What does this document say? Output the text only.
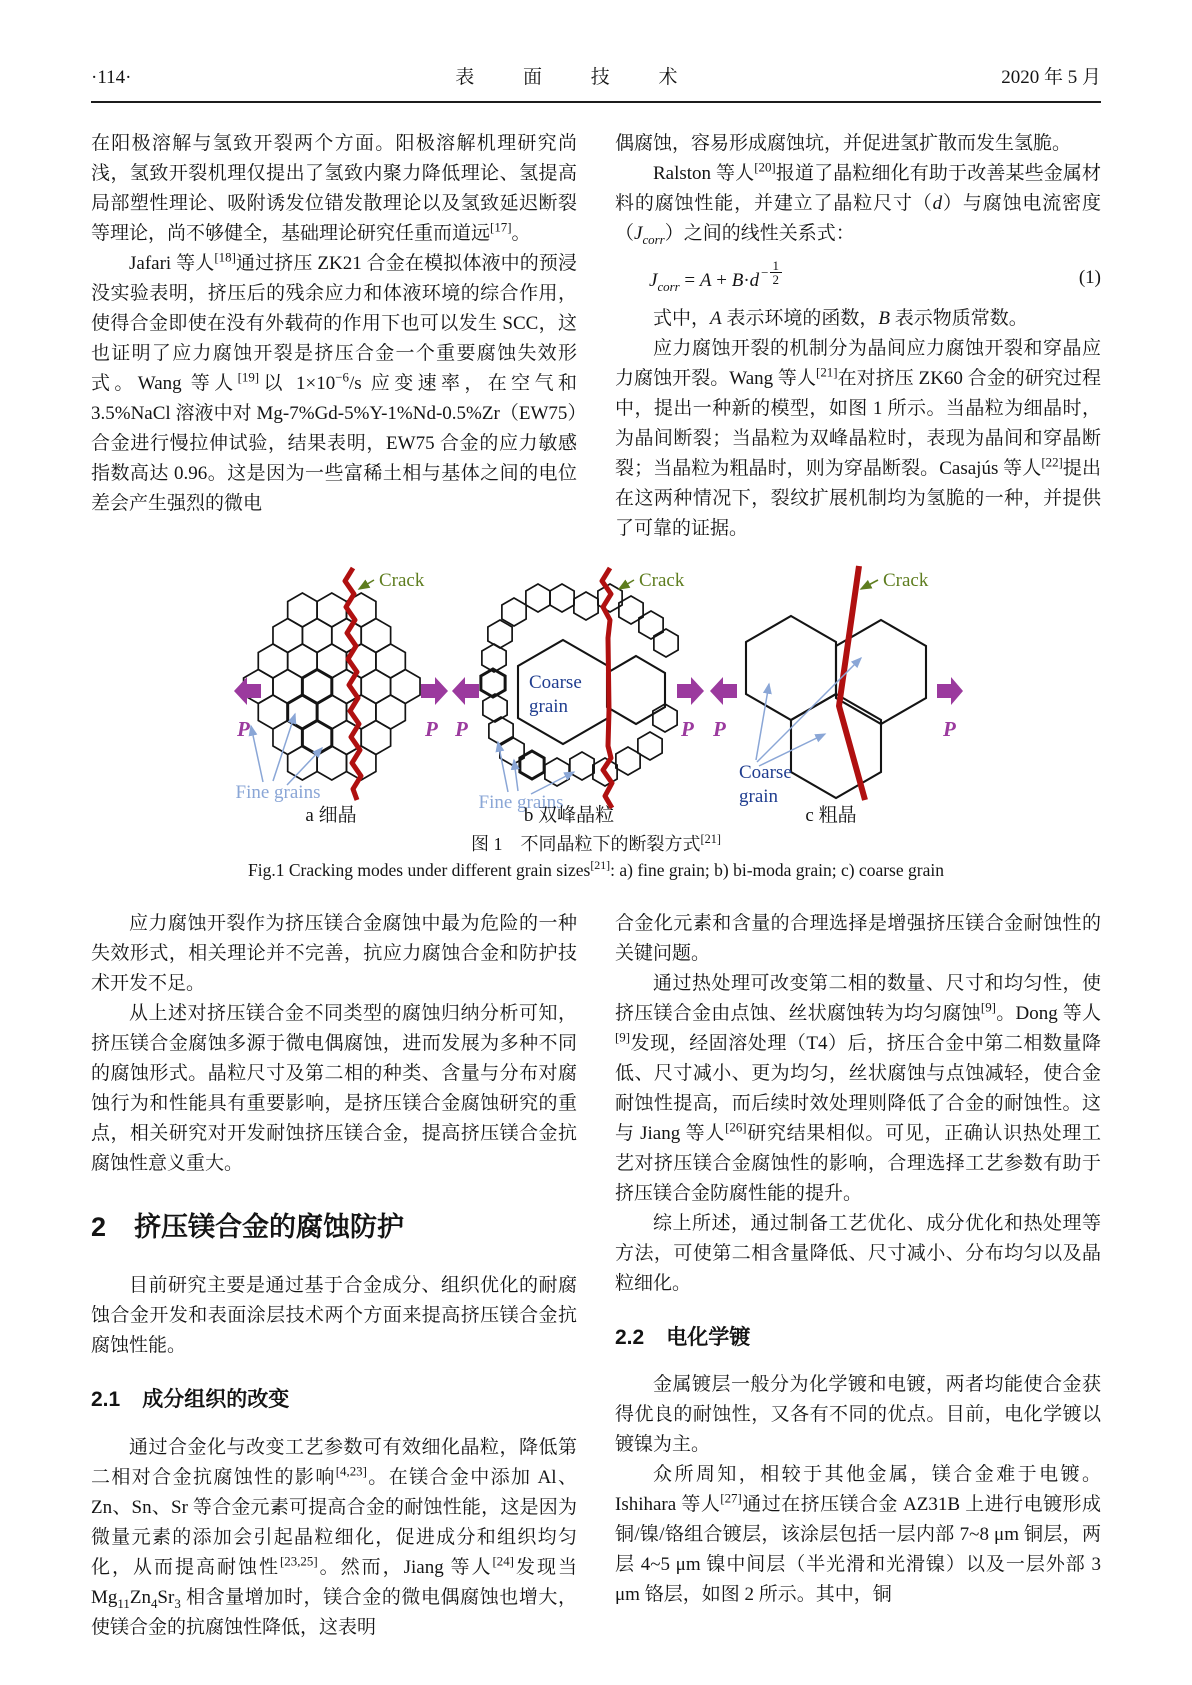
·114·	表 面 技 术	2020 年 5 月

在阳极溶解与氢致开裂两个方面。阳极溶解机理研究尚浅，氢致开裂机理仅提出了氢致内聚力降低理论、氢提高局部塑性理论、吸附诱发位错发散理论以及氢致延迟断裂等理论，尚不够健全，基础理论研究任重而道远[17]。

Jafari 等人[18]通过挤压 ZK21 合金在模拟体液中的预浸没实验表明，挤压后的残余应力和体液环境的综合作用，使得合金即使在没有外载荷的作用下也可以发生 SCC，这也证明了应力腐蚀开裂是挤压合金一个重要腐蚀失效形式。Wang 等人[19]以 $1\times 10^{-6}/s$ 应变速率，在空气和 3.5%NaCl 溶液中对 Mg-7%Gd-5%Y-1%Nd-0.5%Zr（EW75）合金进行慢拉伸试验，结果表明，EW75 合金的应力敏感指数高达 0.96。这是因为一些富稀土相与基体之间的电位差会产生强烈的微电

偶腐蚀，容易形成腐蚀坑，并促进氢扩散而发生氢脆。

Ralston 等人[20]报道了晶粒细化有助于改善某些金属材料的腐蚀性能，并建立了晶粒尺寸（d）与腐蚀电流密度$(J_{corr})$之间的线性关系式：

$J_{corr} = A + B\cdot d - \frac{1}{2}$	(1)

式中，A 表示环境的函数，B 表示物质常数。

应力腐蚀开裂的机制分为晶间应力腐蚀开裂和穿晶应力腐蚀开裂。Wang 等人[21]在对挤压 ZK60 合金的研究过程中，提出一种新的模型，如图 1 所示。当晶粒为细晶时，为晶间断裂；当晶粒为双峰晶粒时，表现为晶间和穿晶断裂；当晶粒为粗晶时，则为穿晶断裂。Casajús 等人[22]提出在这两种情况下，裂纹扩展机制均为氢脆的一种，并提供了可靠的证据。

Crack
Fine grains
P	P
a 细晶
Crack
Coarse
grain
Fine grains
P	P
b 双峰晶粒
Crack
Coarse
grain
P	P
c 粗晶
图 1　不同晶粒下的断裂方式[21]
Fig.1 Cracking modes under different grain sizes[21]: a) fine grain; b) bi-moda grain; c) coarse grain

应力腐蚀开裂作为挤压镁合金腐蚀中最为危险的一种失效形式，相关理论并不完善，抗应力腐蚀合金和防护技术开发不足。

从上述对挤压镁合金不同类型的腐蚀归纳分析可知，挤压镁合金腐蚀多源于微电偶腐蚀，进而发展为多种不同的腐蚀形式。晶粒尺寸及第二相的种类、含量与分布对腐蚀行为和性能具有重要影响，是挤压镁合金腐蚀研究的重点，相关研究对开发耐蚀挤压镁合金，提高挤压镁合金抗腐蚀性意义重大。

2 挤压镁合金的腐蚀防护

目前研究主要是通过基于合金成分、组织优化的耐腐蚀合金开发和表面涂层技术两个方面来提高挤压镁合金抗腐蚀性能。

2.1 成分组织的改变

通过合金化与改变工艺参数可有效细化晶粒，降低第二相对合金抗腐蚀性的影响[4,23]。在镁合金中添加 Al、Zn、Sn、Sr 等合金元素可提高合金的耐蚀性能，这是因为微量元素的添加会引起晶粒细化，促进成分和组织均匀化，从而提高耐蚀性[23,25]。然而，Jiang 等人[24]发现当 $Mg_{11}Zn_4Sr_3$ 相含量增加时，镁合金的微电偶腐蚀也增大，使镁合金的抗腐蚀性降低，这表明

合金化元素和含量的合理选择是增强挤压镁合金耐蚀性的关键问题。

通过热处理可改变第二相的数量、尺寸和均匀性，使挤压镁合金由点蚀、丝状腐蚀转为均匀腐蚀[9]。Dong 等人[9]发现，经固溶处理（T4）后，挤压合金中第二相数量降低、尺寸减小、更为均匀，丝状腐蚀与点蚀减轻，使合金耐蚀性提高，而后续时效处理则降低了合金的耐蚀性。这与 Jiang 等人[26]研究结果相似。可见，正确认识热处理工艺对挤压镁合金腐蚀性的影响，合理选择工艺参数有助于挤压镁合金防腐性能的提升。

综上所述，通过制备工艺优化、成分优化和热处理等方法，可使第二相含量降低、尺寸减小、分布均匀以及晶粒细化。

2.2 电化学镀

金属镀层一般分为化学镀和电镀，两者均能使合金获得优良的耐蚀性，又各有不同的优点。目前，电化学镀以镀镍为主。

众所周知，相较于其他金属，镁合金难于电镀。Ishihara 等人[27]通过在挤压镁合金 AZ31B 上进行电镀形成铜/镍/铬组合镀层，该涂层包括一层内部 7~8 μm 铜层，两层 4~5 μm 镍中间层（半光滑和光滑镍）以及一层外部 3 μm 铬层，如图 2 所示。其中，铜
